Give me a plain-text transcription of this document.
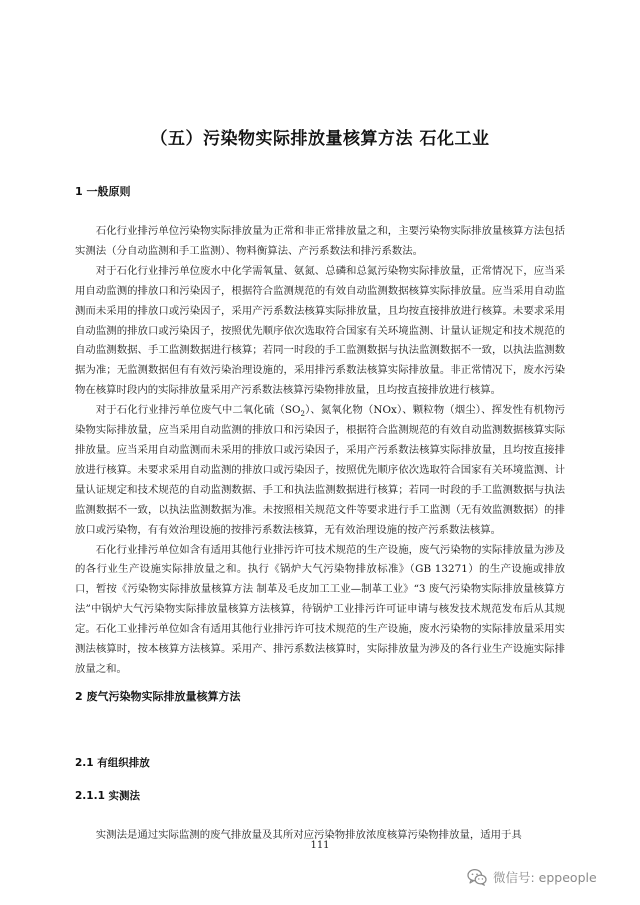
（五）污染物实际排放量核算方法 石化工业
1 一般原则

石化行业排污单位污染物实际排放量为正常和非正常排放量之和，主要污染物实际排放量核算方法包括实测法（分自动监测和手工监测）、物料衡算法、产污系数法和排污系数法。

对于石化行业排污单位废水中化学需氧量、氨氮、总磷和总氮污染物实际排放量，正常情况下，应当采用自动监测的排放口和污染因子，根据符合监测规范的有效自动监测数据核算实际排放量。应当采用自动监测而未采用的排放口或污染因子，采用产污系数法核算实际排放量，且均按直接排放进行核算。未要求采用自动监测的排放口或污染因子，按照优先顺序依次选取符合国家有关环境监测、计量认证规定和技术规范的自动监测数据、手工监测数据进行核算；若同一时段的手工监测数据与执法监测数据不一致，以执法监测数据为准；无监测数据但有有效污染治理设施的，采用排污系数法核算实际排放量。非正常情况下，废水污染物在核算时段内的实际排放量采用产污系数法核算污染物排放量，且均按直接排放进行核算。

对于石化行业排污单位废气中二氧化硫$(SO_2)$、氮氧化物（NOx）、颗粒物（烟尘）、挥发性有机物污染物实际排放量，应当采用自动监测的排放口和污染因子，根据符合监测规范的有效自动监测数据核算实际排放量。应当采用自动监测而未采用的排放口或污染因子，采用产污系数法核算实际排放量，且均按直接排放进行核算。未要求采用自动监测的排放口或污染因子，按照优先顺序依次选取符合国家有关环境监测、计量认证规定和技术规范的自动监测数据、手工和执法监测数据进行核算；若同一时段的手工监测数据与执法监测数据不一致，以执法监测数据为准。未按照相关规范文件等要求进行手工监测（无有效监测数据）的排放口或污染物，有有效治理设施的按排污系数法核算，无有效治理设施的按产污系数法核算。

石化行业排污单位如含有适用其他行业排污许可技术规范的生产设施，废气污染物的实际排放量为涉及的各行业生产设施实际排放量之和。执行《锅炉大气污染物排放标准》（GB 13271）的生产设施或排放口，暂按《污染物实际排放量核算方法 制革及毛皮加工工业—制革工业》“3 废气污染物实际排放量核算方法”中锅炉大气污染物实际排放量核算方法核算，待锅炉工业排污许可证申请与核发技术规范发布后从其规定。石化工业排污单位如含有适用其他行业排污许可技术规范的生产设施，废水污染物的实际排放量采用实测法核算时，按本核算方法核算。采用产、排污系数法核算时，实际排放量为涉及的各行业生产设施实际排放量之和。

2 废气污染物实际排放量核算方法
2.1 有组织排放
2.1.1 实测法

实测法是通过实际监测的废气排放量及其所对应污染物排放浓度核算污染物排放量，适用于具

111
微信号: eppeople
